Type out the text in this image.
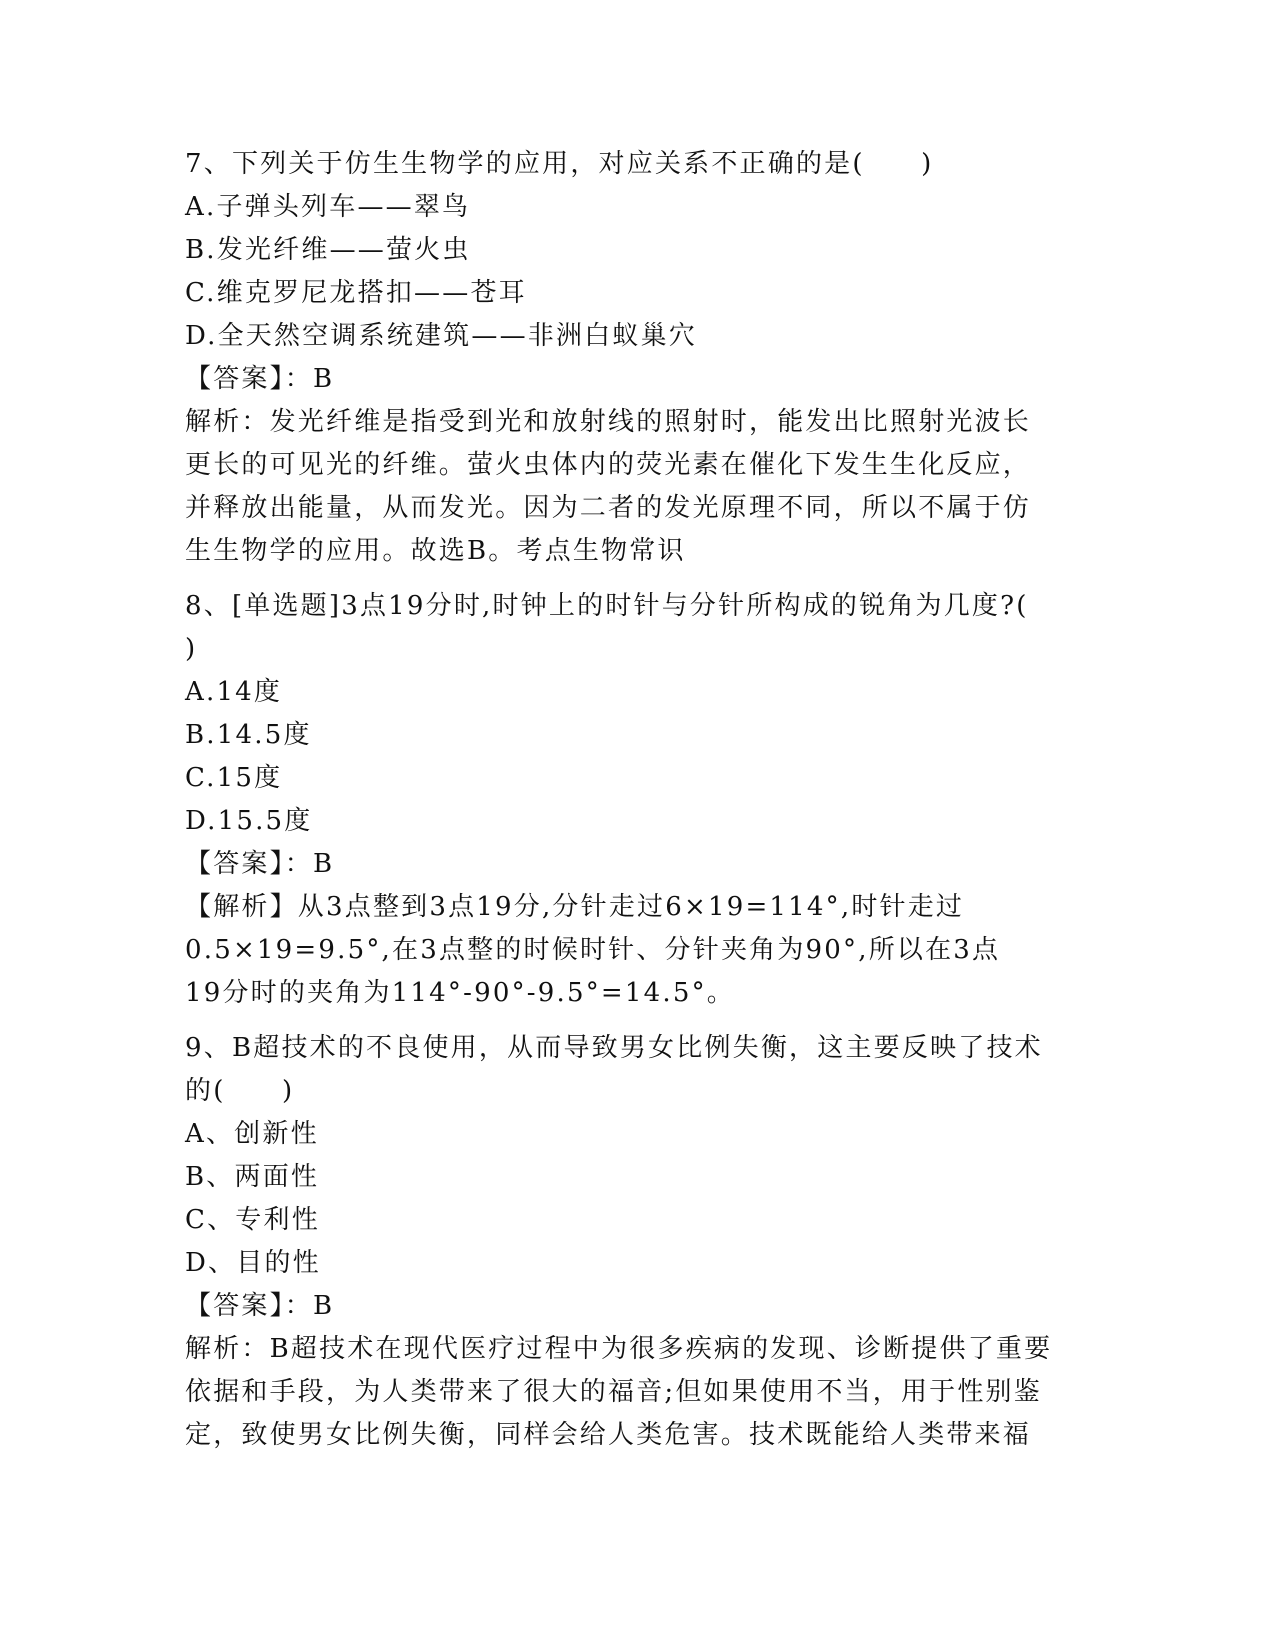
7、下列关于仿生生物学的应用，对应关系不正确的是(　　)
A.子弹头列车——翠鸟
B.发光纤维——萤火虫
C.维克罗尼龙搭扣——苍耳
D.全天然空调系统建筑——非洲白蚁巢穴
【答案】：B
解析：发光纤维是指受到光和放射线的照射时，能发出比照射光波长
更长的可见光的纤维。萤火虫体内的荧光素在催化下发生生化反应，
并释放出能量，从而发光。因为二者的发光原理不同，所以不属于仿
生生物学的应用。故选B。考点生物常识
8、[单选题]3点19分时,时钟上的时针与分针所构成的锐角为几度?(
)
A.14度
B.14.5度
C.15度
D.15.5度
【答案】：B
【解析】从3点整到3点19分,分针走过6×19=114°,时针走过
0.5×19=9.5°,在3点整的时候时针、分针夹角为90°,所以在3点
19分时的夹角为114°-90°-9.5°=14.5°。
9、B超技术的不良使用，从而导致男女比例失衡，这主要反映了技术
的(　　)
A、创新性
B、两面性
C、专利性
D、目的性
【答案】：B
解析：B超技术在现代医疗过程中为很多疾病的发现、诊断提供了重要
依据和手段，为人类带来了很大的福音;但如果使用不当，用于性别鉴
定，致使男女比例失衡，同样会给人类危害。技术既能给人类带来福
